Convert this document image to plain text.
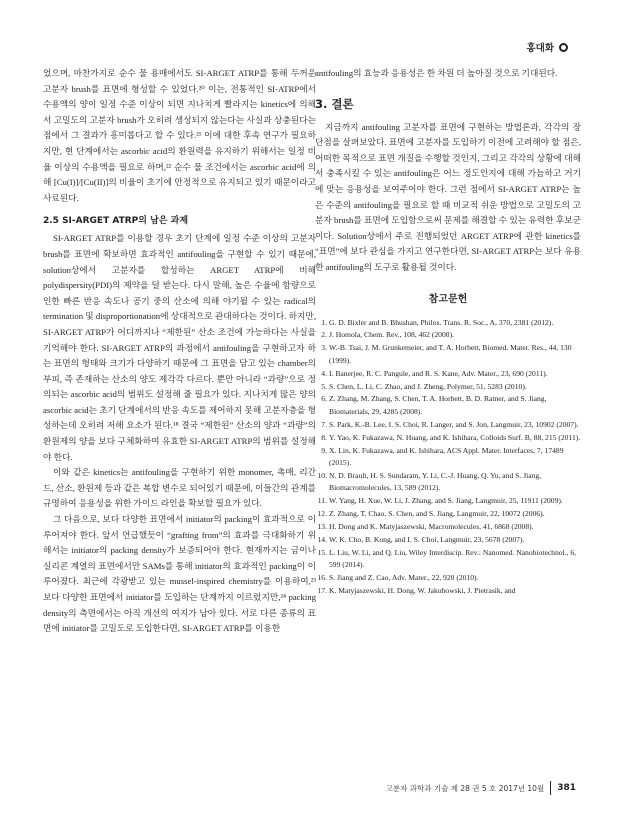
홍대화

었으며, 마찬가지로 순수 물 용매에서도 SI-ARGET ATRP를 통해 두꺼운 고분자 brush를 표면에 형성할 수 있었다.²⁰ 이는, 전통적인 SI-ATRP에서 수용액의 양이 일정 수준 이상이 되면 지나치게 빨라지는 kinetics에 의해서 고밀도의 고분자 brush가 오히려 생성되지 않는다는 사실과 상충된다는 점에서 그 결과가 흥미롭다고 할 수 있다.²¹ 이에 대한 후속 연구가 필요하지만, 현 단계에서는 ascorbic acid의 환원력을 유지하기 위해서는 일정 비율 이상의 수용액을 필요로 하며,²² 순수 물 조건에서는 ascorbic acid에 의해 [Cu(I)]/[Cu(II)]의 비율이 초기에 안정적으로 유지되고 있기 때문이라고 사료된다.

2.5 SI-ARGET ATRP의 남은 과제

SI-ARGET ATRP를 이용할 경우 초기 단계에 일정 수준 이상의 고분자 brush를 표면에 확보하면 효과적인 antifouling을 구현할 수 있기 때문에, solution상에서 고분자를 합성하는 ARGET ATRP에 비해 polydispersity(PDI)의 제약을 덜 받는다. 다시 말해, 높은 수율에 함량으로 인한 빠른 반응 속도나 공기 중의 산소에 의해 야기될 수 있는 radical의 termination 및 disproportionation에 상대적으로 관대하다는 것이다. 하지만, SI-ARGET ATRP가 어디까지나 “제한된” 산소 조건에 가능하다는 사실을 기억해야 한다. SI-ARGET ATRP의 과정에서 antifouling을 구현하고자 하는 표면의 형태와 크기가 다양하기 때문에 그 표면을 담고 있는 chamber의 부피, 즉 존재하는 산소의 양도 제각각 다르다. 뿐만 아니라 “과량”으로 정의되는 ascorbic acid의 범위도 설정해 줄 필요가 있다. 지나치게 많은 양의 ascorbic acid는 초기 단계에서의 반응 속도를 제어하지 못해 고분자층을 형성하는데 오히려 저해 요소가 된다.¹⁸ 결국 “제한된” 산소의 양과 “과량”의 환원제의 양을 보다 구체화하여 유효한 SI-ARGET ATRP의 범위를 설정해야 한다.

이와 같은 kinetics는 antifouling을 구현하기 위한 monomer, 촉매, 리간드, 산소, 환원제 등과 같은 복합 변수로 되어있기 때문에, 이들간의 관계를 규명하여 응용성을 위한 가이드 라인을 확보할 필요가 있다.

그 다음으로, 보다 다양한 표면에서 initiator의 packing이 효과적으로 이루어져야 한다. 앞서 언급했듯이 “grafting from”의 효과를 극대화하기 위해서는 initiator의 packing density가 보증되어야 한다. 현재까지는 금이나 실리콘 계열의 표면에서만 SAMs를 통해 initiator의 효과적인 packing이 이루어졌다. 최근에 각광받고 있는 mussel-inspired chemistry를 이용하여,²³ 보다 다양한 표면에서 initiator를 도입하는 단계까지 이르렀지만,²⁴ packing density의 측면에서는 아직 개선의 여지가 남아 있다. 서로 다른 종류의 표면에 initiator를 고밀도로 도입한다면, SI-ARGET ATRP를 이용한

antifouling의 효능과 응용성은 한 차원 더 높아질 것으로 기대된다.

3. 결론

지금까지 antifouling 고분자를 표면에 구현하는 방법론과, 각각의 장단점을 살펴보았다. 표면에 고분자를 도입하기 이전에 고려해야 할 점은, 어떠한 목적으로 표면 개질을 수행할 것인지, 그리고 각각의 상황에 대해서 충족시킬 수 있는 antifouling은 어느 정도인지에 대해 가늠하고 거기에 맞는 응용성을 보여주어야 한다. 그런 점에서 SI-ARGET ATRP는 높은 수준의 antifouling을 필요로 할 때 비교적 쉬운 방법으로 고밀도의 고분자 brush를 표면에 도입함으로써 문제를 해결할 수 있는 유력한 후보군이다. Solution상에서 주로 진행되었던 ARGET ATRP에 관한 kinetics를 “표면”에 보다 관심을 가지고 연구한다면, SI-ARGET ATRP는 보다 유용한 antifouling의 도구로 활용될 것이다.

참고문헌
1. G. D. Bixler and B. Bhushan, Philos. Trans. R. Soc., A, 370, 2381 (2012).
2. J. Homola, Chem. Rev., 108, 462 (2008).
3. W.-B. Tsai, J. M. Grunkemeier, and T. A. Horbett, Biomed. Mater. Res., 44, 130 (1999).
4. I. Banerjee, R. C. Pangule, and R. S. Kane, Adv. Mater., 23, 690 (2011).
5. S. Chen, L. Li, C. Zhao, and J. Zheng, Polymer, 51, 5283 (2010).
6. Z. Zhang, M. Zhang, S. Chen, T. A. Horbett, B. D. Ratner, and S. Jiang, Biomaterials, 29, 4285 (2008).
7. S. Park, K.-B. Lee, I. S. Choi, R. Langer, and S. Jon, Langmuir, 23, 10902 (2007).
8. Y. Yao, K. Fukazawa, N. Huang, and K. Ishihara, Colloids Surf. B, 88, 215 (2011).
9. X. Lin, K. Fukazawa, and K. Ishihara, ACS Appl. Mater. Interfaces, 7, 17489 (2015).
10. N. D. Brault, H. S. Sundaram, Y. Li, C.-J. Huang, Q. Yu, and S. Jiang, Biomacromolecules, 13, 589 (2012).
11. W. Yang, H. Xue, W. Li, J. Zhang, and S. Jiang, Langmuir, 25, 11911 (2009).
12. Z. Zhang, T. Chao, S. Chen, and S. Jiang, Langmuir, 22, 10072 (2006).
13. H. Dong and K. Matyjaszewski, Macromolecules, 41, 6868 (2008).
14. W. K. Cho, B. Kong, and I. S. Choi, Langmuir, 23, 5678 (2007).
15. L. Liu, W. Li, and Q. Liu, Wiley Interdiscip. Rev.: Nanomed. Nanobiotechnol., 6, 599 (2014).
16. S. Jiang and Z. Cao, Adv. Mater., 22, 920 (2010).
17. K. Matyjaszewski, H. Dong, W. Jakubowski, J. Pietrasik, and
고분자 과학과 기술 제 28 권 5 호 2017년 10월 381
